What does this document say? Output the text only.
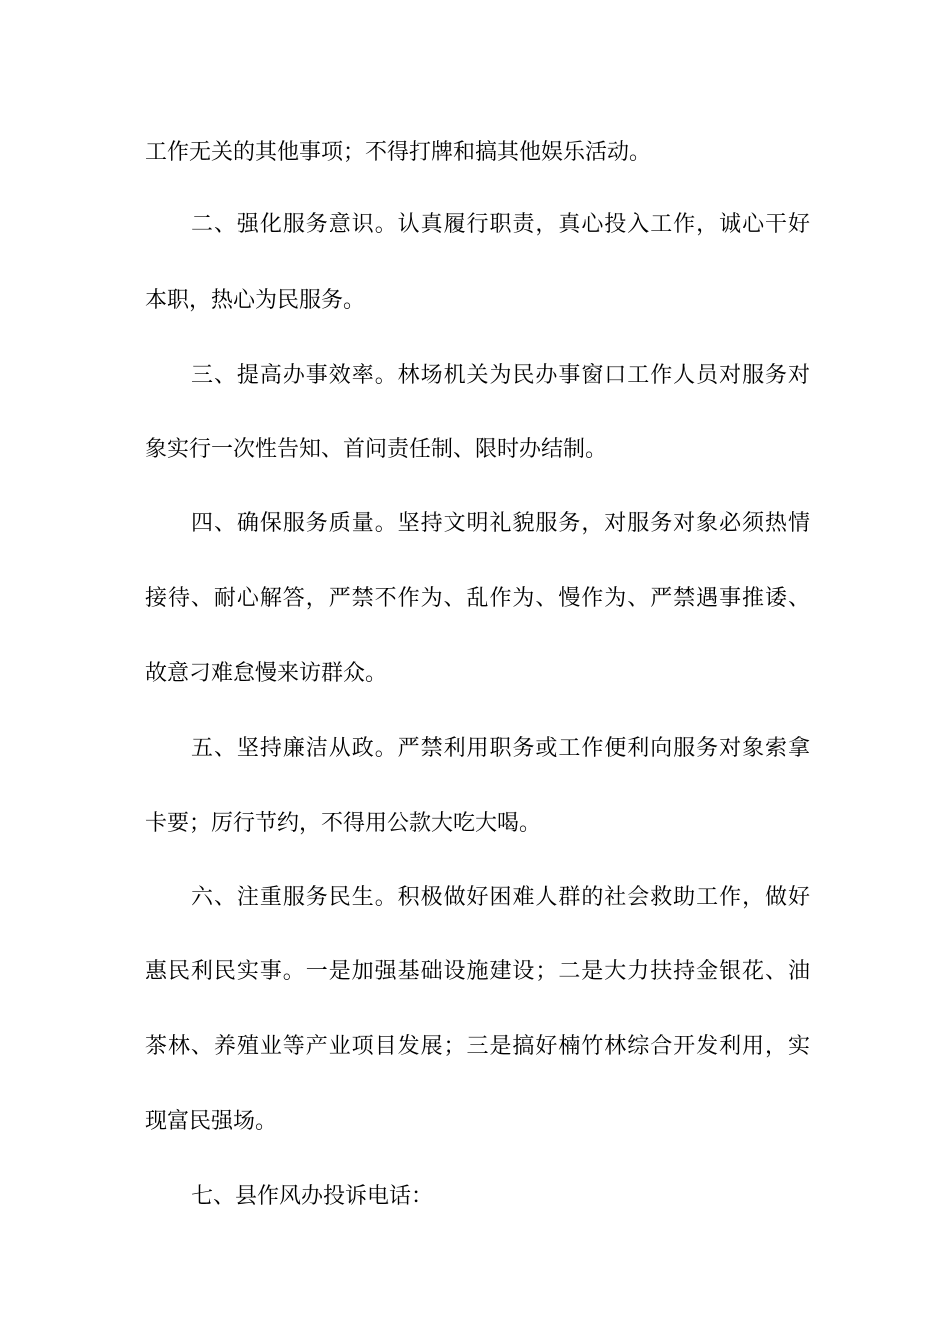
工作无关的其他事项；不得打牌和搞其他娱乐活动。
二、强化服务意识。认真履行职责，真心投入工作，诚心干好
本职，热心为民服务。
三、提高办事效率。林场机关为民办事窗口工作人员对服务对
象实行一次性告知、首问责任制、限时办结制。
四、确保服务质量。坚持文明礼貌服务，对服务对象必须热情
接待、耐心解答，严禁不作为、乱作为、慢作为、严禁遇事推诿、
故意刁难怠慢来访群众。
五、坚持廉洁从政。严禁利用职务或工作便利向服务对象索拿
卡要；厉行节约，不得用公款大吃大喝。
六、注重服务民生。积极做好困难人群的社会救助工作，做好
惠民利民实事。一是加强基础设施建设；二是大力扶持金银花、油
茶林、养殖业等产业项目发展；三是搞好楠竹林综合开发利用，实
现富民强场。
七、县作风办投诉电话：
